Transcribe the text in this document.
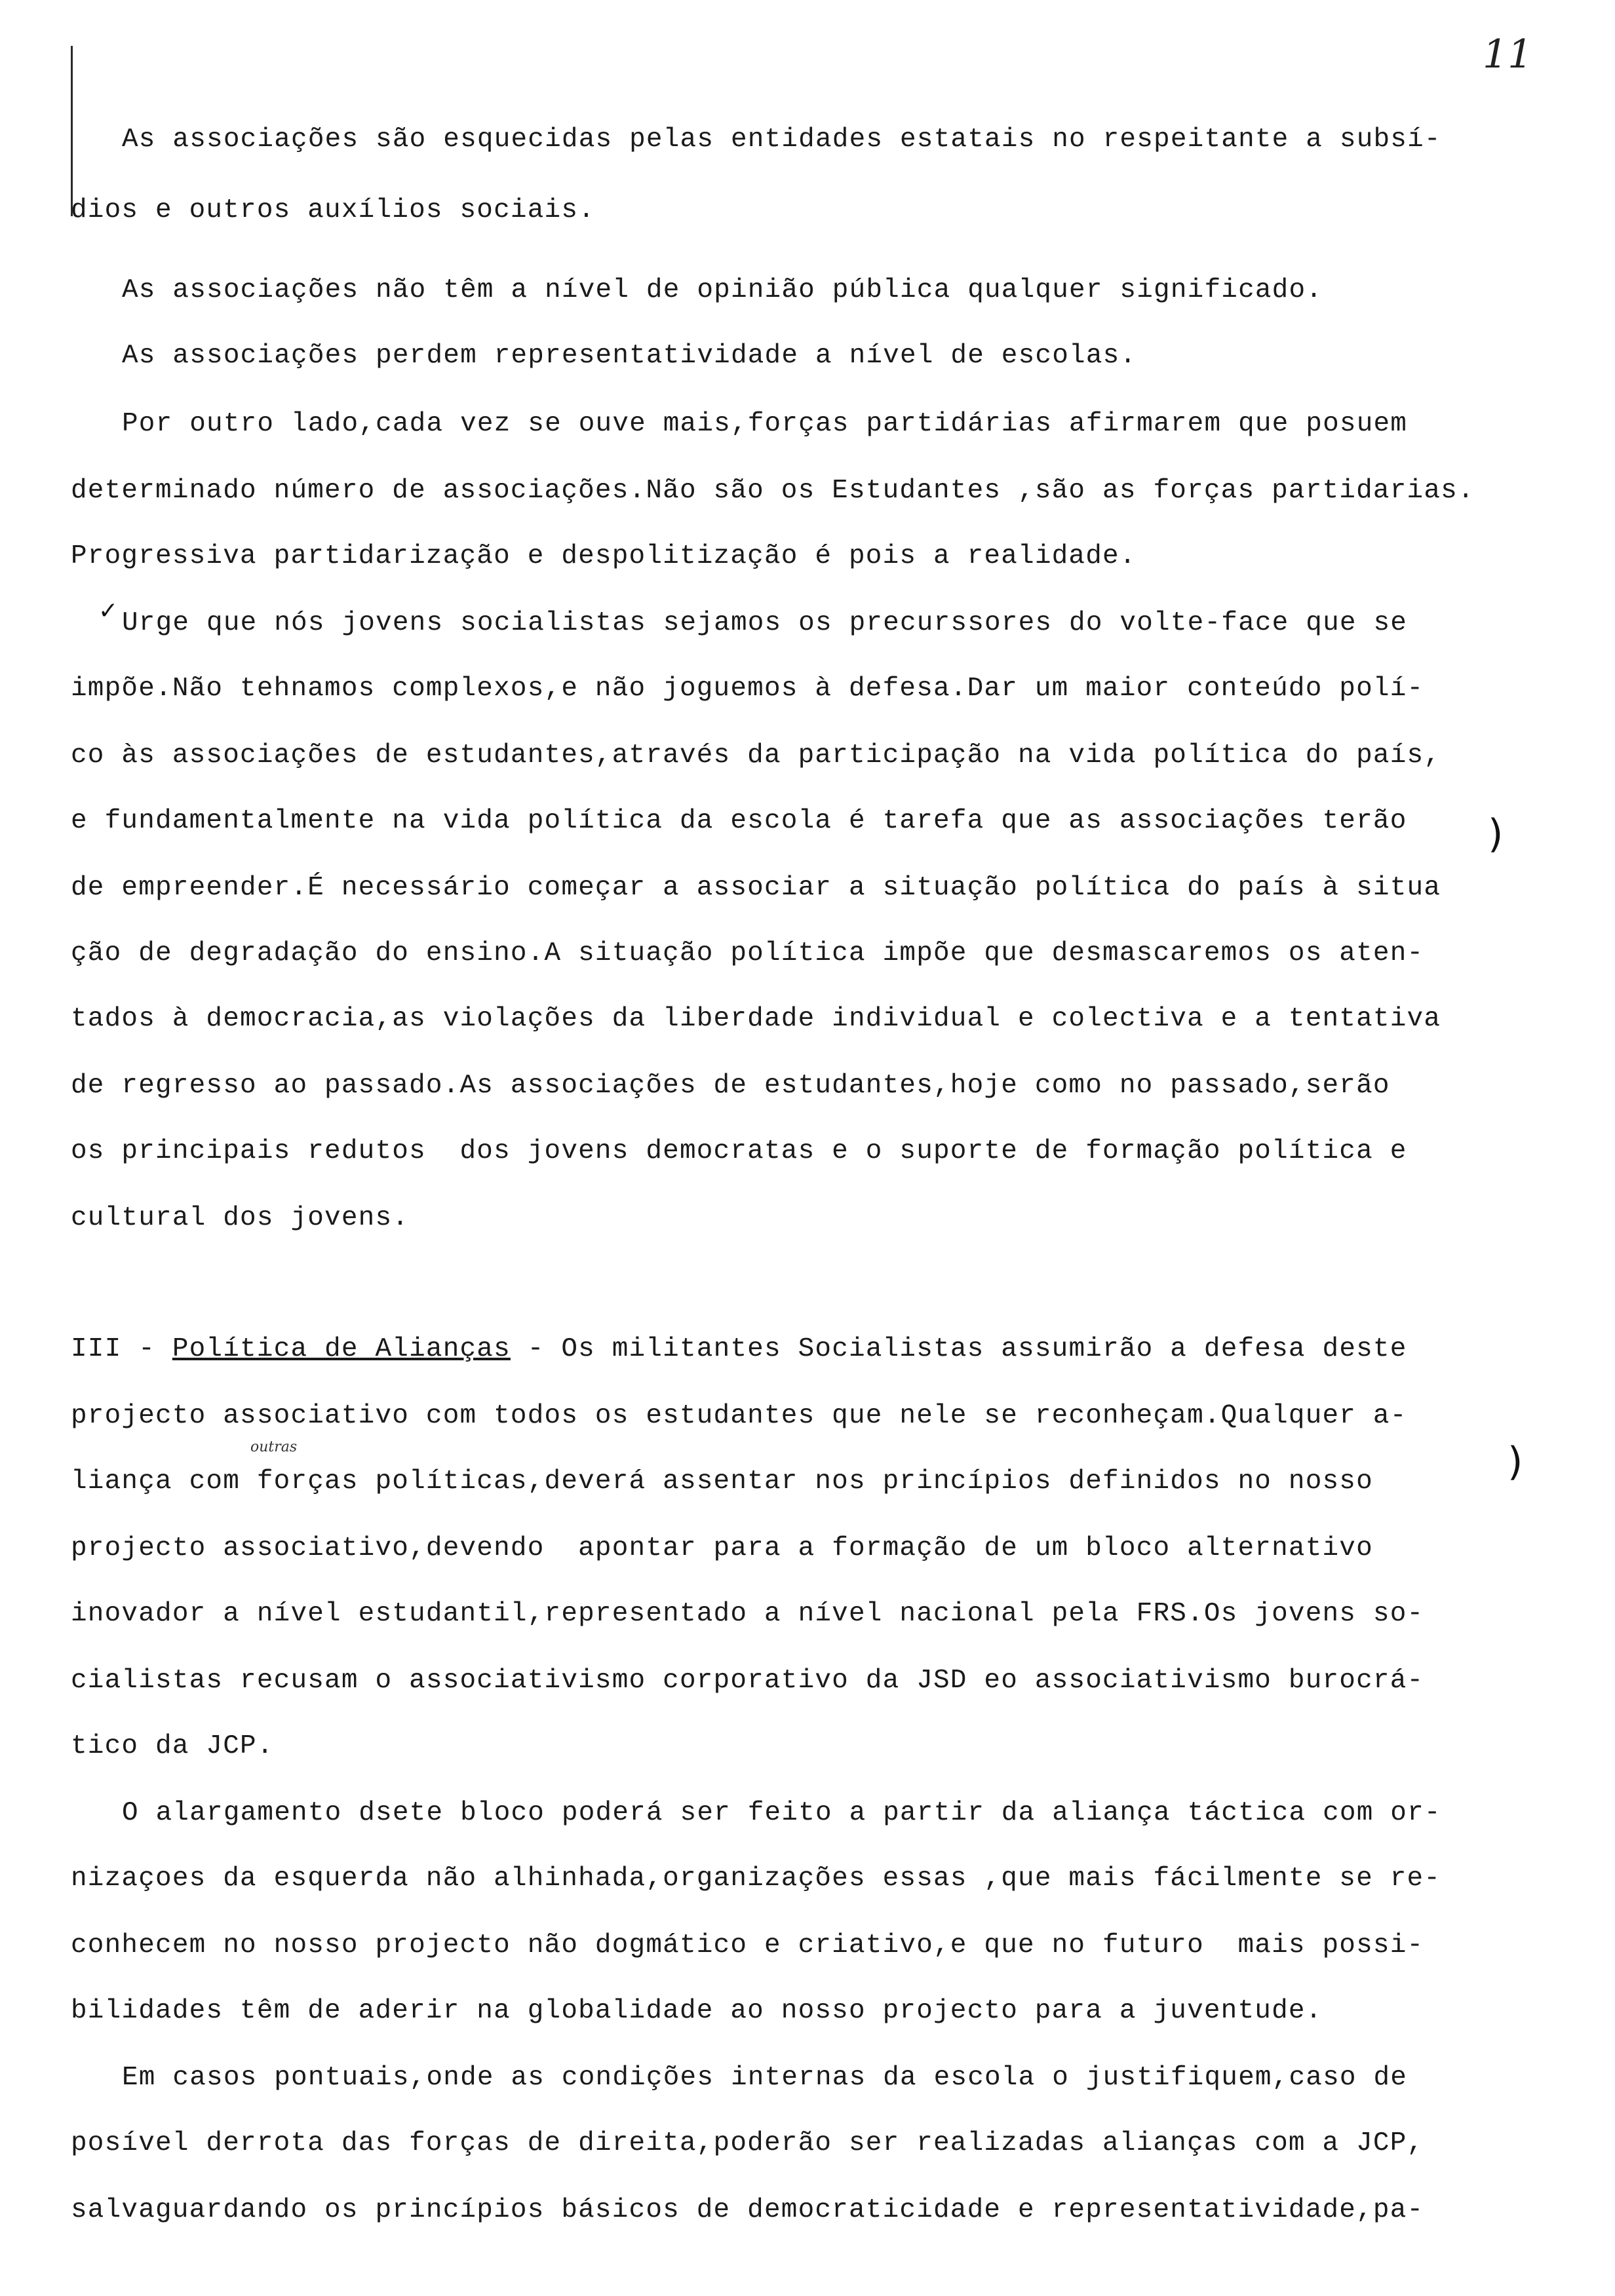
11
As associações são esquecidas pelas entidades estatais no respeitante a subsí-
dios e outros auxílios sociais.
As associações não têm a nível de opinião pública qualquer significado.
As associações perdem representatividade a nível de escolas.
Por outro lado,cada vez se ouve mais,forças partidárias afirmarem que posuem
determinado número de associações.Não são os Estudantes ,são as forças partidarias.
Progressiva partidarização e despolitização é pois a realidade.
✓ Urge que nós jovens socialistas sejamos os precurssores do volte-face que se
impõe.Não tehnamos complexos,e não joguemos à defesa.Dar um maior conteúdo polí-
co às associações de estudantes,através da participação na vida política do país,
e fundamentalmente na vida política da escola é tarefa que as associações terão )
de empreender.É necessário começar a associar a situação política do país à situa
ção de degradação do ensino.A situação política impõe que desmascaremos os aten-
tados à democracia,as violações da liberdade individual e colectiva e a tentativa
de regresso ao passado.As associações de estudantes,hoje como no passado,serão
os principais redutos  dos jovens democratas e o suporte de formação política e
cultural dos jovens.
III - Política de Alianças - Os militantes Socialistas assumirão a defesa deste
projecto associativo com todos os estudantes que nele se reconheçam.Qualquer a-
outras	)
liança com forças políticas,deverá assentar nos princípios definidos no nosso
projecto associativo,devendo  apontar para a formação de um bloco alternativo
inovador a nível estudantil,representado a nível nacional pela FRS.Os jovens so-
cialistas recusam o associativismo corporativo da JSD eo associativismo burocrá-
tico da JCP.
O alargamento dsete bloco poderá ser feito a partir da aliança táctica com or-
nizaçoes da esquerda não alhinhada,organizações essas ,que mais fácilmente se re-
conhecem no nosso projecto não dogmático e criativo,e que no futuro  mais possi-
bilidades têm de aderir na globalidade ao nosso projecto para a juventude.
Em casos pontuais,onde as condições internas da escola o justifiquem,caso de
posível derrota das forças de direita,poderão ser realizadas alianças com a JCP,
salvaguardando os princípios básicos de democraticidade e representatividade,pa-
